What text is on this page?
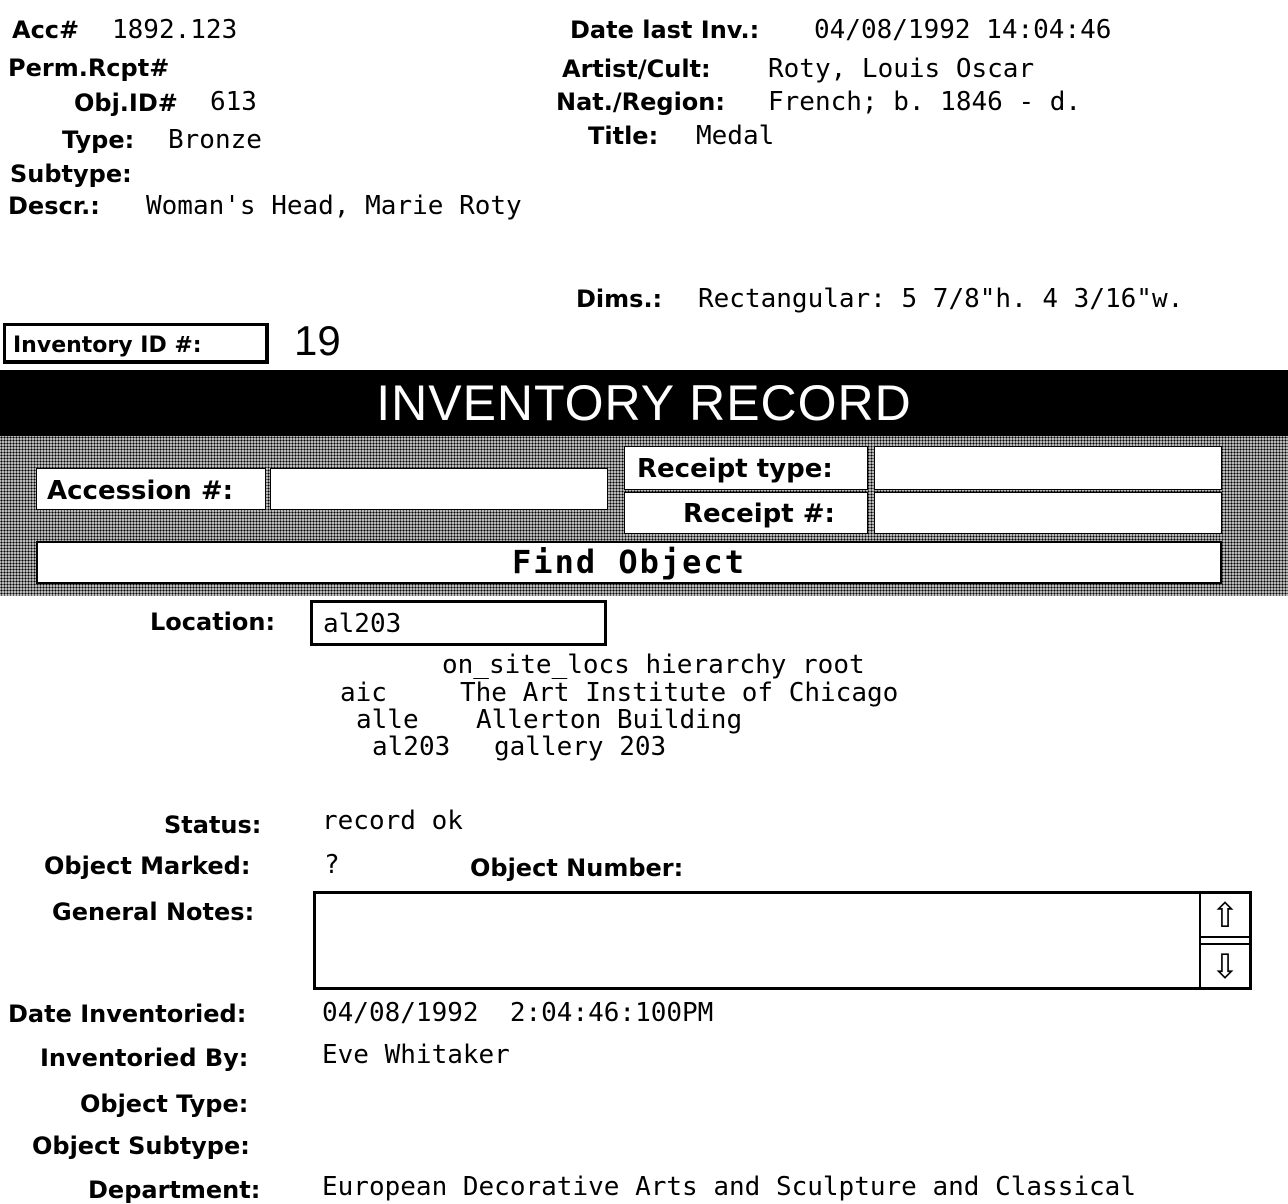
Acc# 1892.123
Perm.Rcpt#
Obj.ID# 613
Type: Bronze
Subtype:
Descr.: Woman's Head, Marie Roty
Date last Inv.: 04/08/1992 14:04:46
Artist/Cult: Roty, Louis Oscar
Nat./Region: French; b. 1846 - d.
Title: Medal
Dims.: Rectangular: 5 7/8"h. 4 3/16"w.
Inventory ID #: 19
INVENTORY RECORD
Accession #:
Receipt type:
Receipt #:
Find Object
Location: al203
on_site_locs hierarchy root
aic	The Art Institute of Chicago
alle Allerton Building
al203 gallery 203
Status: record ok
Object Marked:	?	Object Number:
General Notes:	⇧
⇩
Date Inventoried:	04/08/1992  2:04:46:100PM
Inventoried By:	Eve Whitaker
Object Type:
Object Subtype:
Department: European Decorative Arts and Sculpture and Classical
